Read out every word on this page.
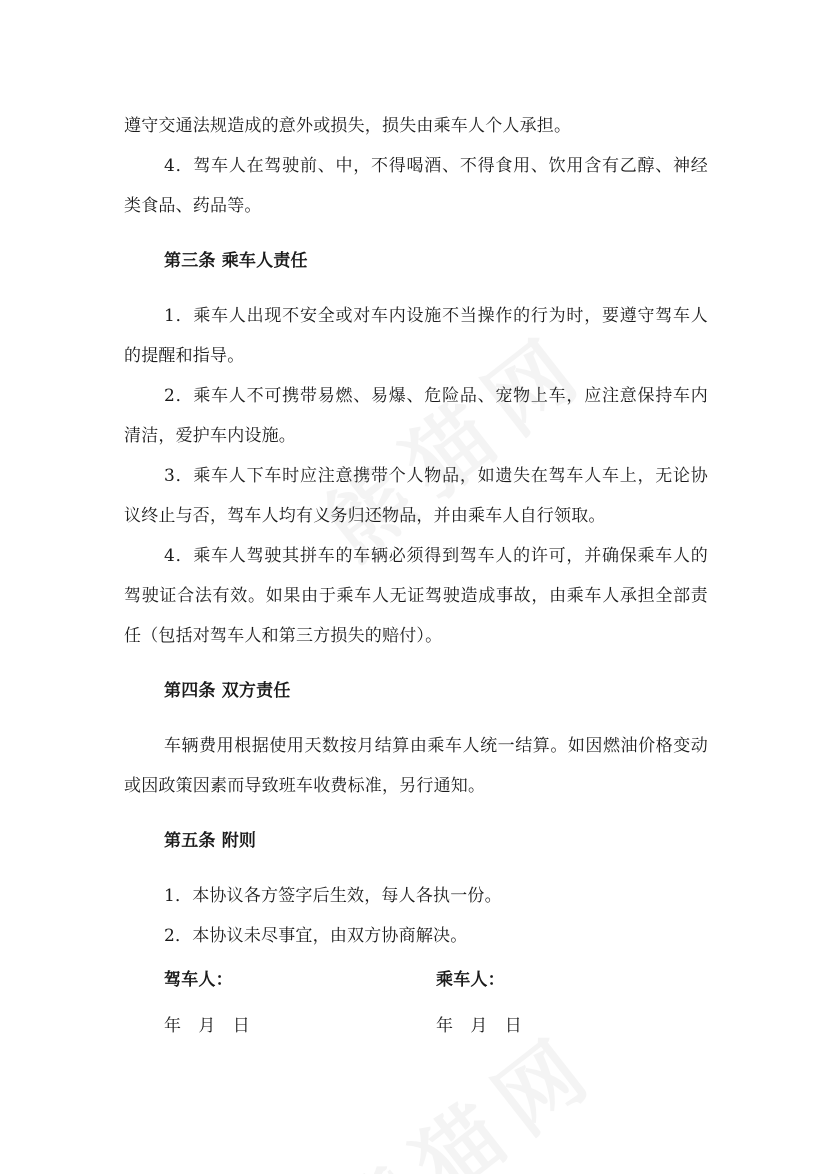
遵守交通法规造成的意外或损失，损失由乘车人个人承担。

4．驾车人在驾驶前、中，不得喝酒、不得食用、饮用含有乙醇、神经类食品、药品等。

第三条 乘车人责任

1．乘车人出现不安全或对车内设施不当操作的行为时，要遵守驾车人的提醒和指导。

2．乘车人不可携带易燃、易爆、危险品、宠物上车，应注意保持车内清洁，爱护车内设施。

3．乘车人下车时应注意携带个人物品，如遗失在驾车人车上，无论协议终止与否，驾车人均有义务归还物品，并由乘车人自行领取。

4．乘车人驾驶其拼车的车辆必须得到驾车人的许可，并确保乘车人的驾驶证合法有效。如果由于乘车人无证驾驶造成事故，由乘车人承担全部责任（包括对驾车人和第三方损失的赔付）。

第四条 双方责任

车辆费用根据使用天数按月结算由乘车人统一结算。如因燃油价格变动或因政策因素而导致班车收费标准，另行通知。

第五条 附则

1．本协议各方签字后生效，每人各执一份。

2．本协议未尽事宜，由双方协商解决。

驾车人：	乘车人：
年 月 日	年 月 日
